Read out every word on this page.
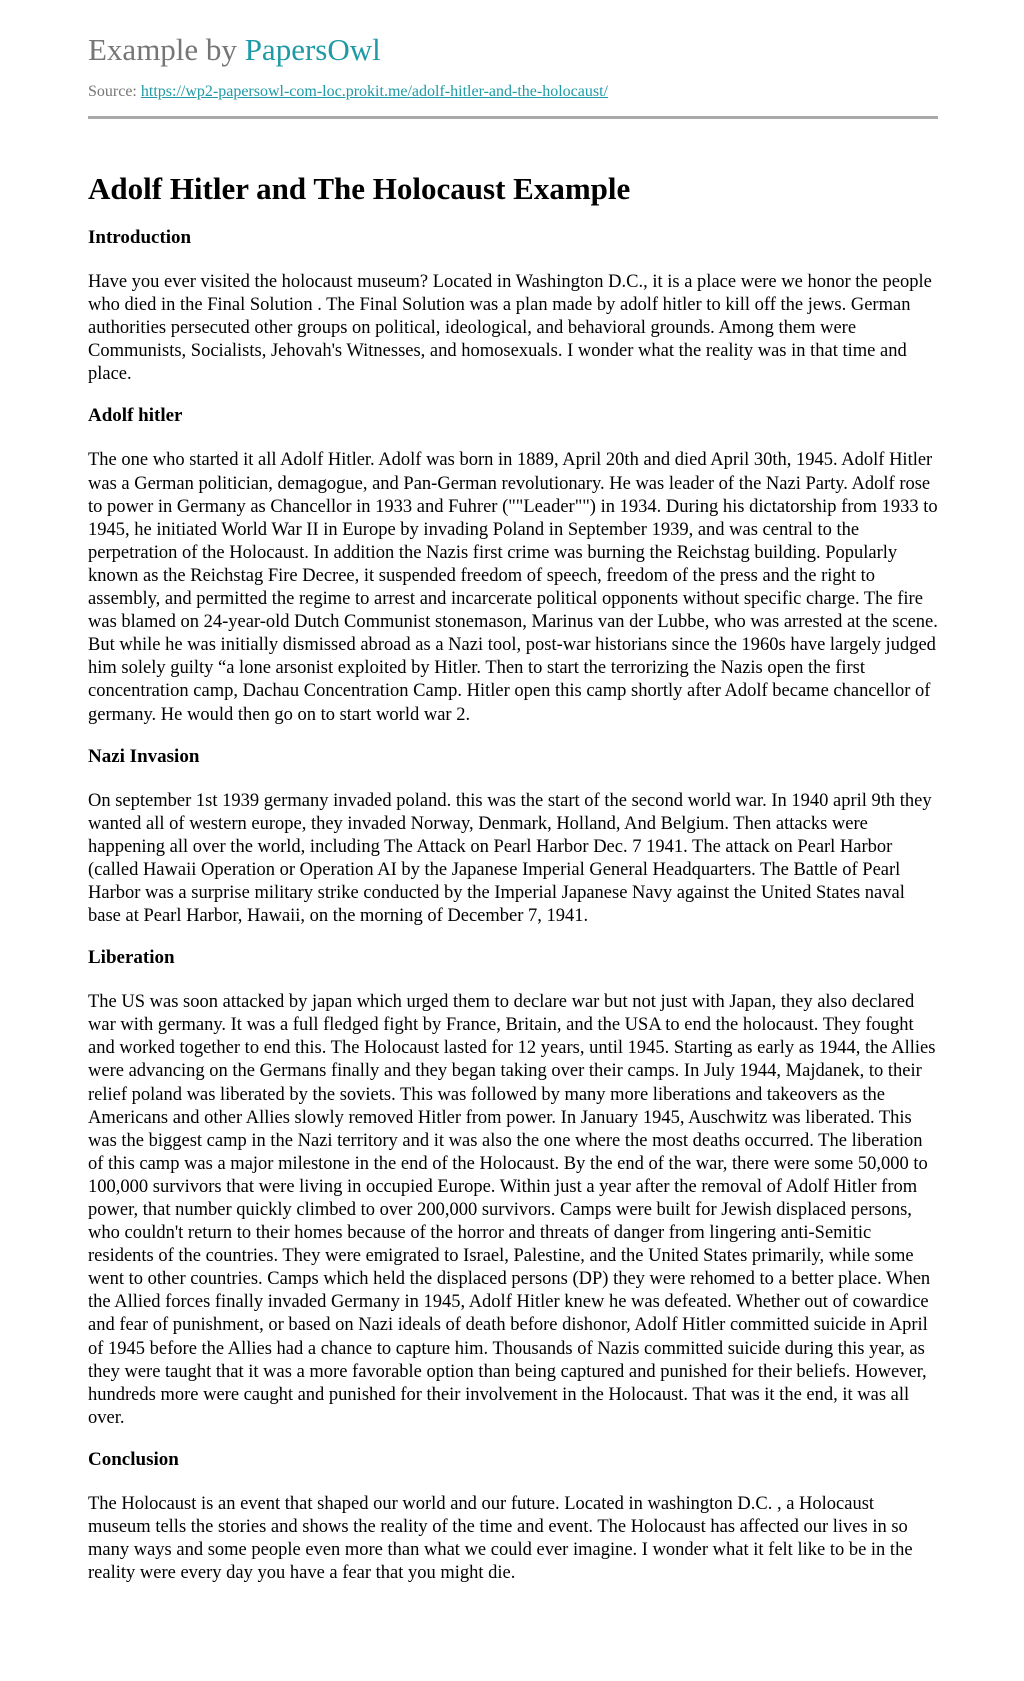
Example by PapersOwl
Source: https://wp2-papersowl-com-loc.prokit.me/adolf-hitler-and-the-holocaust/
Adolf Hitler and The Holocaust Example
Introduction

Have you ever visited the holocaust museum? Located in Washington D.C., it is a place were we honor the people who died in the Final Solution . The Final Solution was a plan made by adolf hitler to kill off the jews. German authorities persecuted other groups on political, ideological, and behavioral grounds. Among them were Communists, Socialists, Jehovah's Witnesses, and homosexuals. I wonder what the reality was in that time and place.

Adolf hitler

The one who started it all Adolf Hitler. Adolf was born in 1889, April 20th and died April 30th, 1945. Adolf Hitler was a German politician, demagogue, and Pan-German revolutionary. He was leader of the Nazi Party. Adolf rose to power in Germany as Chancellor in 1933 and Fuhrer (""Leader"") in 1934. During his dictatorship from 1933 to 1945, he initiated World War II in Europe by invading Poland in September 1939, and was central to the perpetration of the Holocaust. In addition the Nazis first crime was burning the Reichstag building. Popularly known as the Reichstag Fire Decree, it suspended freedom of speech, freedom of the press and the right to assembly, and permitted the regime to arrest and incarcerate political opponents without specific charge. The fire was blamed on 24-year-old Dutch Communist stonemason, Marinus van der Lubbe, who was arrested at the scene. But while he was initially dismissed abroad as a Nazi tool, post-war historians since the 1960s have largely judged him solely guilty “a lone arsonist exploited by Hitler. Then to start the terrorizing the Nazis open the first concentration camp, Dachau Concentration Camp. Hitler open this camp shortly after Adolf became chancellor of germany. He would then go on to start world war 2.

Nazi Invasion

On september 1st 1939 germany invaded poland. this was the start of the second world war. In 1940 april 9th they wanted all of western europe, they invaded Norway, Denmark, Holland, And Belgium. Then attacks were happening all over the world, including The Attack on Pearl Harbor Dec. 7 1941. The attack on Pearl Harbor (called Hawaii Operation or Operation AI by the Japanese Imperial General Headquarters. The Battle of Pearl Harbor was a surprise military strike conducted by the Imperial Japanese Navy against the United States naval base at Pearl Harbor, Hawaii, on the morning of December 7, 1941.

Liberation

The US was soon attacked by japan which urged them to declare war but not just with Japan, they also declared war with germany. It was a full fledged fight by France, Britain, and the USA to end the holocaust. They fought and worked together to end this. The Holocaust lasted for 12 years, until 1945. Starting as early as 1944, the Allies were advancing on the Germans finally and they began taking over their camps. In July 1944, Majdanek, to their relief poland was liberated by the soviets. This was followed by many more liberations and takeovers as the Americans and other Allies slowly removed Hitler from power. In January 1945, Auschwitz was liberated. This was the biggest camp in the Nazi territory and it was also the one where the most deaths occurred. The liberation of this camp was a major milestone in the end of the Holocaust. By the end of the war, there were some 50,000 to 100,000 survivors that were living in occupied Europe. Within just a year after the removal of Adolf Hitler from power, that number quickly climbed to over 200,000 survivors. Camps were built for Jewish displaced persons, who couldn't return to their homes because of the horror and threats of danger from lingering anti-Semitic residents of the countries. They were emigrated to Israel, Palestine, and the United States primarily, while some went to other countries. Camps which held the displaced persons (DP) they were rehomed to a better place. When the Allied forces finally invaded Germany in 1945, Adolf Hitler knew he was defeated. Whether out of cowardice and fear of punishment, or based on Nazi ideals of death before dishonor, Adolf Hitler committed suicide in April of 1945 before the Allies had a chance to capture him. Thousands of Nazis committed suicide during this year, as they were taught that it was a more favorable option than being captured and punished for their beliefs. However, hundreds more were caught and punished for their involvement in the Holocaust. That was it the end, it was all over.

Conclusion

The Holocaust is an event that shaped our world and our future. Located in washington D.C. , a Holocaust museum tells the stories and shows the reality of the time and event. The Holocaust has affected our lives in so many ways and some people even more than what we could ever imagine. I wonder what it felt like to be in the reality were every day you have a fear that you might die.
